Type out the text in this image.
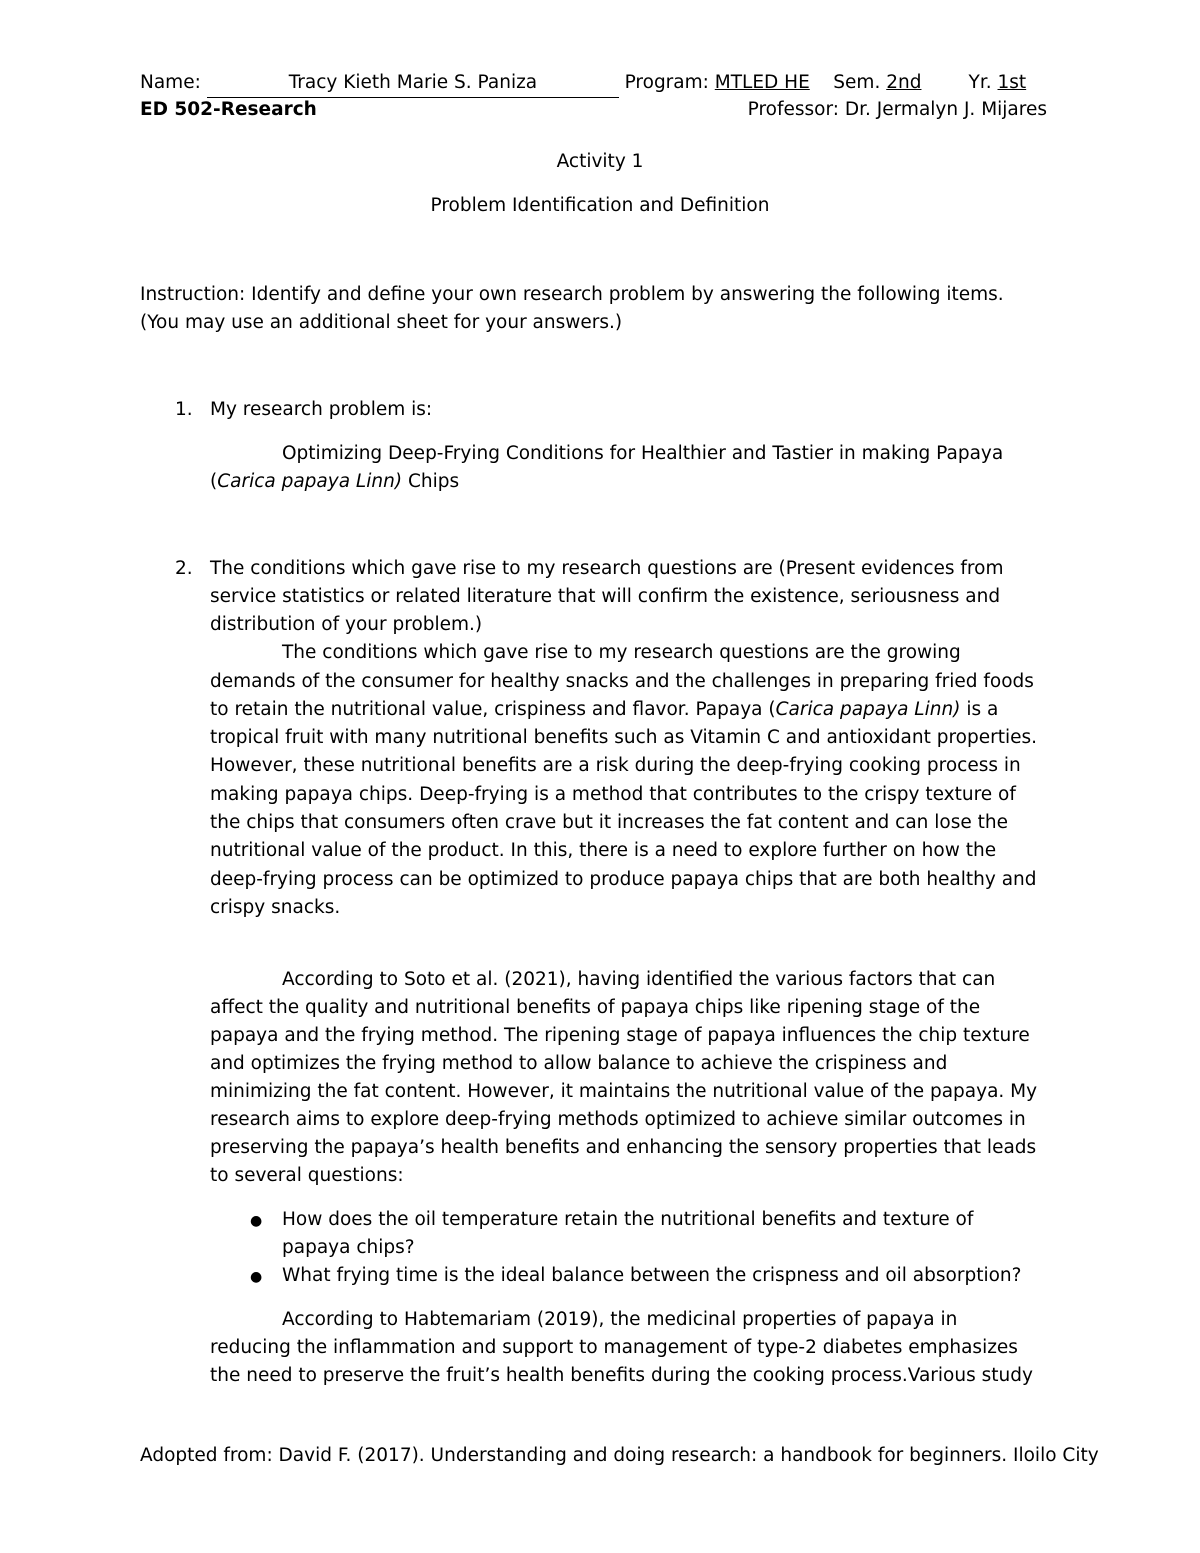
Name:	Tracy Kieth Marie S. Paniza	Program: MTLED HE Sem. 2nd	Yr. 1st
ED 502-Research	Professor: Dr. Jermalyn J. Mijares
Activity 1
Problem Identification and Definition
Instruction: Identify and define your own research problem by answering the following items.
(You may use an additional sheet for your answers.)
1. My research problem is:
Optimizing Deep-Frying Conditions for Healthier and Tastier in making Papaya
(Carica papaya Linn) Chips
2. The conditions which gave rise to my research questions are (Present evidences from
service statistics or related literature that will confirm the existence, seriousness and
distribution of your problem.)
The conditions which gave rise to my research questions are the growing
demands of the consumer for healthy snacks and the challenges in preparing fried foods
to retain the nutritional value, crispiness and flavor. Papaya (Carica papaya Linn) is a
tropical fruit with many nutritional benefits such as Vitamin C and antioxidant properties.
However, these nutritional benefits are a risk during the deep-frying cooking process in
making papaya chips. Deep-frying is a method that contributes to the crispy texture of
the chips that consumers often crave but it increases the fat content and can lose the
nutritional value of the product. In this, there is a need to explore further on how the
deep-frying process can be optimized to produce papaya chips that are both healthy and
crispy snacks.
According to Soto et al. (2021), having identified the various factors that can
affect the quality and nutritional benefits of papaya chips like ripening stage of the
papaya and the frying method. The ripening stage of papaya influences the chip texture
and optimizes the frying method to allow balance to achieve the crispiness and
minimizing the fat content. However, it maintains the nutritional value of the papaya. My
research aims to explore deep-frying methods optimized to achieve similar outcomes in
preserving the papaya’s health benefits and enhancing the sensory properties that leads
to several questions:
● How does the oil temperature retain the nutritional benefits and texture of
papaya chips?
● What frying time is the ideal balance between the crispness and oil absorption?
According to Habtemariam (2019), the medicinal properties of papaya in
reducing the inflammation and support to management of type-2 diabetes emphasizes
the need to preserve the fruit’s health benefits during the cooking process.Various study
Adopted from: David F. (2017). Understanding and doing research: a handbook for beginners. Iloilo City
